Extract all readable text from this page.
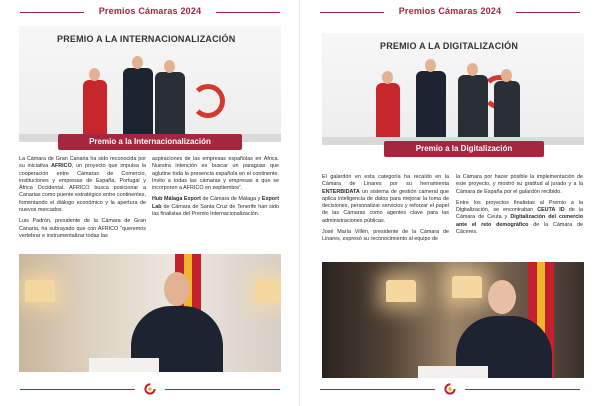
Premios Cámaras 2024
PREMIO A LA INTERNACIONALIZACIÓN
Premio a la Internacionalización

La Cámara de Gran Canaria ha sido reconocida por su iniciativa AFRICO, un proyecto que impulsa la cooperación entre Cámaras de Comercio, instituciones y empresas de España, Portugal y África Occidental. AFRICO busca posicionar a Canarias como puente estratégico entre continentes, fomentando el diálogo económico y la apertura de nuevos mercados.

Luis Padrón, presidente de la Cámara de Gran Canaria, ha subrayado que con AFRICO “queremos vertebrar e instrumentalizar todas las

aspiraciones de las empresas españolas en África. Nuestra intención es buscar un paraguas que aglutine toda la presencia española en el continente. Invito a todas las cámaras y empresas a que se incorporen a AFRICO en septiembre”.

Hub Málaga Export de Cámara de Málaga y Export Lab de Cámara de Santa Cruz de Tenerife han sido las finalistas del Premio Internacionalización.

Premios Cámaras 2024
PREMIO A LA DIGITALIZACIÓN
Premio a la Digitalización

El galardón en esta categoría ha recaído en la Cámara de Linares por su herramienta ENTERBIDATA un sistema de gestión cameral que aplica inteligencia de datos para mejorar la toma de decisiones, personalizar servicios y reforzar el papel de las Cámaras como agentes clave para las administraciones públicas.

José María Villén, presidente de la Cámara de Linares, expresó su reconocimiento al equipo de

la Cámara por hacer posible la implementación de este proyecto, y mostró su gratitud al jurado y a la Cámara de España por el galardón recibido.

Entre los proyectos finalistas al Premio a la Digitalización, se encontraban CEUTA ID de la Cámara de Ceuta y Digitalización del comercio ante el reto demográfico de la Cámara de Cáceres.
